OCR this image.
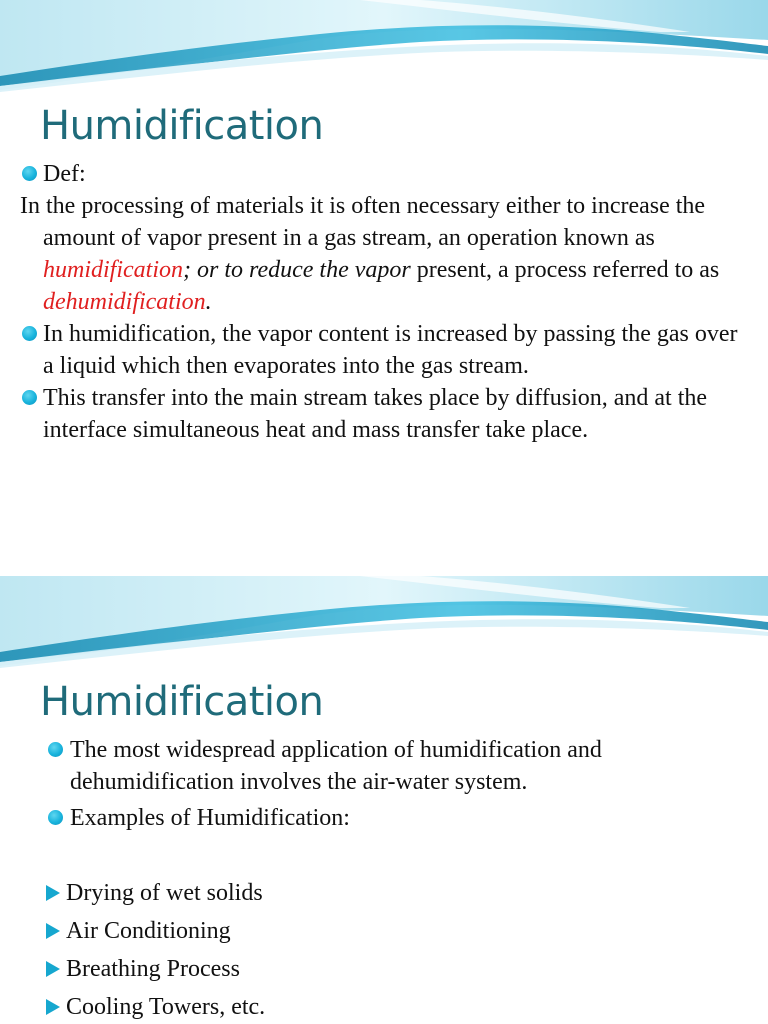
Humidification
Def:
In the processing of materials it is often necessary either to increase the amount of vapor present in a gas stream, an operation known as humidification; or to reduce the vapor present, a process referred to as dehumidification.
In humidification, the vapor content is increased by passing the gas over a liquid which then evaporates into the gas stream.
This transfer into the main stream takes place by diffusion, and at the interface simultaneous heat and mass transfer take place.
Humidification
The most widespread application of humidification and dehumidification involves the air-water system.
Examples of Humidification:
Drying of wet solids
Air Conditioning
Breathing Process
Cooling Towers, etc.
